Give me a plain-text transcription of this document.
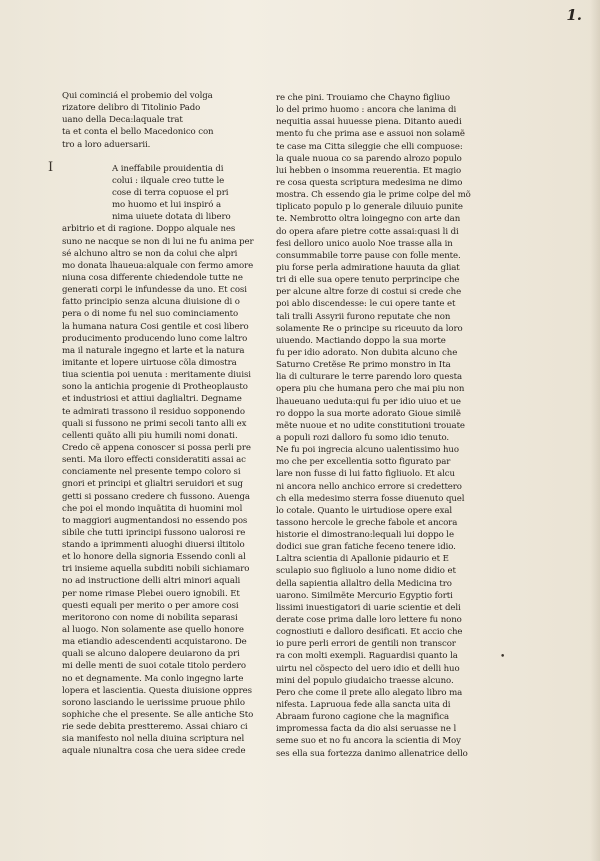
1.
I
Qui cominciá el probemio del volga
rizatore delibro di Titolinio Pado
uano della Deca:laquale trat
ta et conta el bello Macedonico con
tro a loro aduersarii.
A ineffabile prouidentia di
colui : ilquale creo tutte le
cose di terra copuose el pri
mo huomo et lui inspiró a
nima uiuete dotata di libero
arbitrio et di ragione. Doppo alquale nes
suno ne nacque se non di lui ne fu anima per
sé alchuno altro se non da colui che alpri
mo donata lhaueua:alquale con fermo amore
niuna cosa differente chiedendole tutte ne
generati corpi le infundesse da uno. Et cosi
fatto principio senza alcuna diuisione di o
pera o di nome fu nel suo cominciamento
la humana natura Cosi gentile et cosi libero
producimento producendo luno come laltro
ma il naturale ingegno et larte et la natura
imitante et lopere uirtuose cõla dimostra
tiua scientia poi uenuta : meritamente diuisi
sono la antichia progenie di Protheoplausto
et industriosi et attiui daglialtri. Degname
te admirati trassono il residuo sopponendo
quali si fussono ne primi secoli tanto alli ex
cellenti quãto alli piu humili nomi donati.
Credo cẽ appena conoscer si possa perli pre
senti. Ma iloro effecti consideratiti assai ac
conciamente nel presente tempo coloro si
gnori et principi et glialtri seruidori et sug
getti si possano credere ch fussono. Auenga
che poi el mondo inquãtita di huomini mol
to maggiori augmentandosi no essendo pos
sibile che tutti iprincipi fussono ualorosi re
stando a iprimmenti aluoghi diuersi iltitolo
et lo honore della signoria Essendo conli al
tri insieme aquella subditi nobili sichiamaro
no ad instructione delli altri minori aquali
per nome rimase Plebei ouero ignobili. Et
questi equali per merito o per amore cosi
meritorono con nome di nobilita separasi
al luogo. Non solamente ase quello honore
ma etiandio adescendenti acquistarono. De
quali se alcuno dalopere deuiarono da pri
mi delle menti de suoi cotale titolo perdero
no et degnamente. Ma conlo ingegno larte
lopera et lascientia. Questa diuisione oppres
sorono lasciando le uerissime pruoue philo
sophiche che el presente. Se alle antiche Sto
rie sede debita prestteremo. Assai chiaro ci
sia manifesto nol nella diuina scriptura nel
aquale niunaltra cosa che uera sidee crede
re che pini. Trouiamo che Chayno figliuo
lo del primo huomo : ancora che lanima di
nequitia assai huuesse piena. Ditanto auedi
mento fu che prima ase e assuoi non solamẽ
te case ma Citta sileggie che elli compuose:
la quale nuoua co sa parendo alrozo populo
lui hebben o insomma reuerentia. Et magio
re cosa questa scriptura medesima ne dimo
mostra. Ch essendo gia le prime colpe del mõ
tiplicato populo p lo generale diluuio punite
te. Nembrotto oltra loingegno con arte dan
do opera afare pietre cotte assai:quasi li di
fesi delloro unico auolo Noe trasse alla in
consummabile torre pause con folle mente.
piu forse perla admiratione hauuta da gliat
tri di elle sua opere tenuto perprincipe che
per alcune altre forze di costui si crede che
poi ablo discendesse: le cui opere tante et
tali tralli Assyrii furono reputate che non
solamente Re o principe su riceuuto da loro
uiuendo. Mactiando doppo la sua morte
fu per idio adorato. Non dubita alcuno che
Saturno Cretẽse Re primo monstro in Ita
lia di culturare le terre parendo loro questa
opera piu che humana pero che mai piu non
lhaueuano ueduta:qui fu per idio uiuo et ue
ro doppo la sua morte adorato Gioue similẽ
mẽte nuoue et no udite constitutioni trouate
a populi rozi dalloro fu somo idio tenuto.
Ne fu poi ingrecia alcuno ualentissimo huo
mo che per excellentia sotto figurato par
lare non fusse di lui fatto figliuolo. Et alcu
ni ancora nello anchico errore si credettero
ch ella medesimo sterra fosse diuenuto quel
lo cotale. Quanto le uirtudiose opere exal
tassono hercole le greche fabole et ancora
historie el dimostrano:lequali lui doppo le
dodici sue gran fatiche feceno tenere idio.
Laltra scientia di Apallonie pidaurio et E
sculapio suo figliuolo a luno nome didio et
della sapientia allaltro della Medicina tro
uarono. Similmẽte Mercurio Egyptio forti
lissimi inuestigatori di uarie scientie et deli
derate cose prima dalle loro lettere fu nono
cognostiuti e dalloro desificati. Et accio che
io pure perli errori de gentili non transcor
ra con molti exempli. Raguardisi quanto la
uirtu nel cõspecto del uero idio et delli huo
mini del populo giudaicho traesse alcuno.
Pero che come il prete allo alegato libro ma
nifesta. Lapruoua fede alla sancta uita di
Abraam furono cagione che la magnifica
impromessa facta da dio alsi seruasse ne l
seme suo et no fu ancora la scientia di Moy
ses ella sua fortezza danimo allenatrice dello
•
